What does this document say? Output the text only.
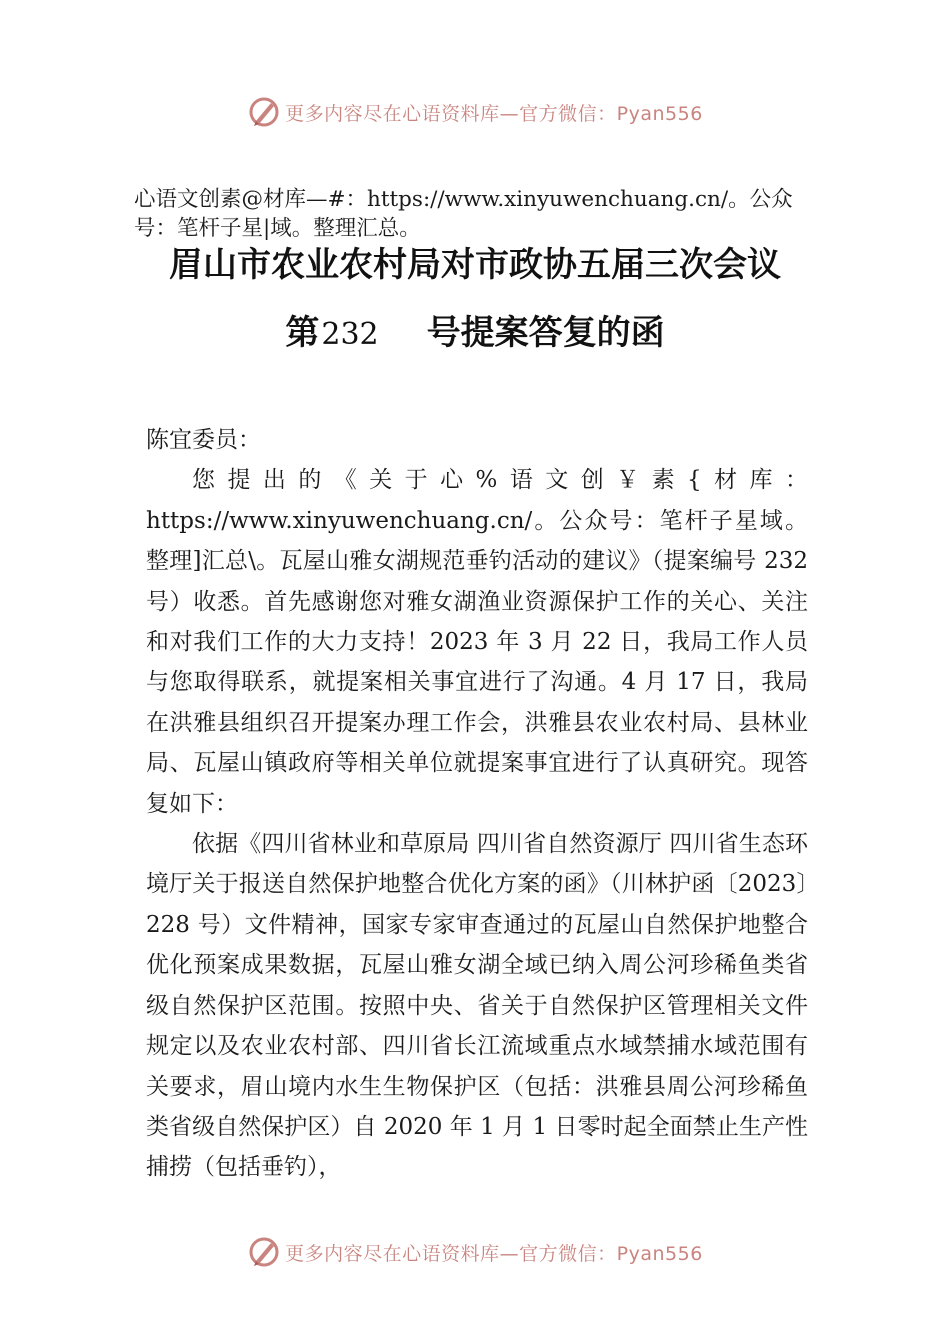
更多内容尽在心语资料库—官方微信：Pyan556
心语文创素@材库—#：https://www.xinyuwenchuang.cn/。公众号：笔杆子星|域。整理汇总。
眉山市农业农村局对市政协五届三次会议
第232 号提案答复的函

陈宜委员：

您提出的《关于心%语文创￥素{材库：https://www.xinyuwenchuang.cn/。公众号：笔杆子星域。整理]汇总\。瓦屋山雅女湖规范垂钓活动的建议》（提案编号 232 号）收悉。首先感谢您对雅女湖渔业资源保护工作的关心、关注和对我们工作的大力支持！2023 年 3 月 22 日，我局工作人员与您取得联系，就提案相关事宜进行了沟通。4 月 17 日，我局在洪雅县组织召开提案办理工作会，洪雅县农业农村局、县林业局、瓦屋山镇政府等相关单位就提案事宜进行了认真研究。现答复如下：

依据《四川省林业和草原局 四川省自然资源厅 四川省生态环境厅关于报送自然保护地整合优化方案的函》（川林护函〔2023〕228 号）文件精神，国家专家审查通过的瓦屋山自然保护地整合优化预案成果数据，瓦屋山雅女湖全域已纳入周公河珍稀鱼类省级自然保护区范围。按照中央、省关于自然保护区管理相关文件规定以及农业农村部、四川省长江流域重点水域禁捕水域范围有关要求，眉山境内水生生物保护区（包括：洪雅县周公河珍稀鱼类省级自然保护区）自 2020 年 1 月 1 日零时起全面禁止生产性捕捞（包括垂钓），

更多内容尽在心语资料库—官方微信：Pyan556
